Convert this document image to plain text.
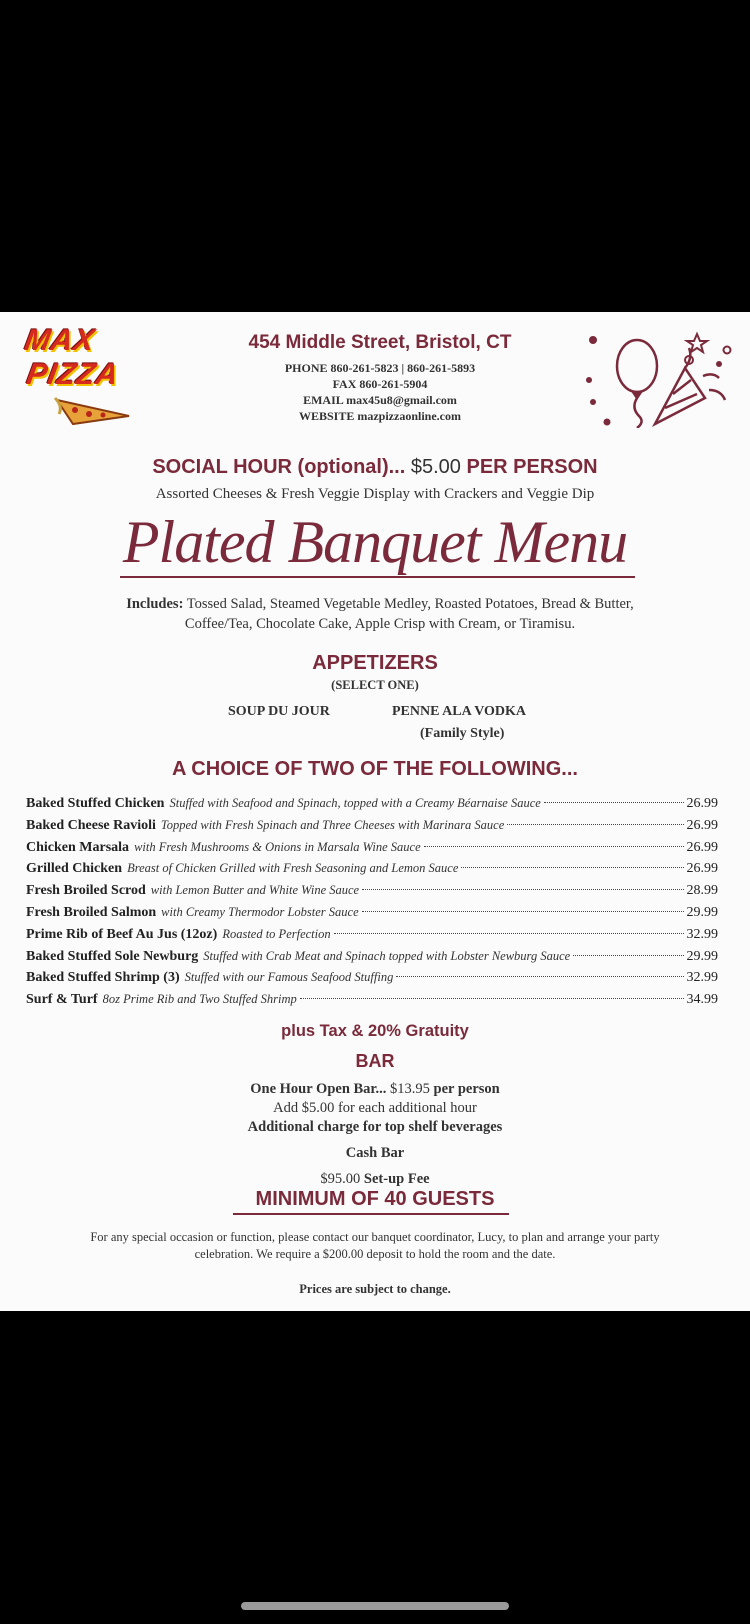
MAX
PIZZA
454 Middle Street, Bristol, CT
PHONE 860-261-5823 | 860-261-5893
FAX 860-261-5904
EMAIL max45u8@gmail.com
WEBSITE mazpizzaonline.com
SOCIAL HOUR (optional)... $5.00 PER PERSON
Assorted Cheeses & Fresh Veggie Display with Crackers and Veggie Dip
Plated Banquet Menu
Includes: Tossed Salad, Steamed Vegetable Medley, Roasted Potatoes, Bread & Butter,
Coffee/Tea, Chocolate Cake, Apple Crisp with Cream, or Tiramisu.
APPETIZERS
(SELECT ONE)
SOUP DU JOUR	PENNE ALA VODKA
(Family Style)
A CHOICE OF TWO OF THE FOLLOWING...
Baked Stuffed Chicken Stuffed with Seafood and Spinach, topped with a Creamy Béarnaise Sauce	26.99
Baked Cheese Ravioli Topped with Fresh Spinach and Three Cheeses with Marinara Sauce	26.99
Chicken Marsala with Fresh Mushrooms & Onions in Marsala Wine Sauce	26.99
Grilled Chicken Breast of Chicken Grilled with Fresh Seasoning and Lemon Sauce	26.99
Fresh Broiled Scrod with Lemon Butter and White Wine Sauce	28.99
Fresh Broiled Salmon with Creamy Thermodor Lobster Sauce	29.99
Prime Rib of Beef Au Jus (12oz) Roasted to Perfection	32.99
Baked Stuffed Sole Newburg Stuffed with Crab Meat and Spinach topped with Lobster Newburg Sauce	29.99
Baked Stuffed Shrimp (3) Stuffed with our Famous Seafood Stuffing	32.99
Surf & Turf 8oz Prime Rib and Two Stuffed Shrimp	34.99
plus Tax & 20% Gratuity
BAR
One Hour Open Bar... $13.95 per person
Add $5.00 for each additional hour
Additional charge for top shelf beverages
Cash Bar
$95.00 Set-up Fee
MINIMUM OF 40 GUESTS
For any special occasion or function, please contact our banquet coordinator, Lucy, to plan and arrange your party
celebration. We require a $200.00 deposit to hold the room and the date.
Prices are subject to change.
